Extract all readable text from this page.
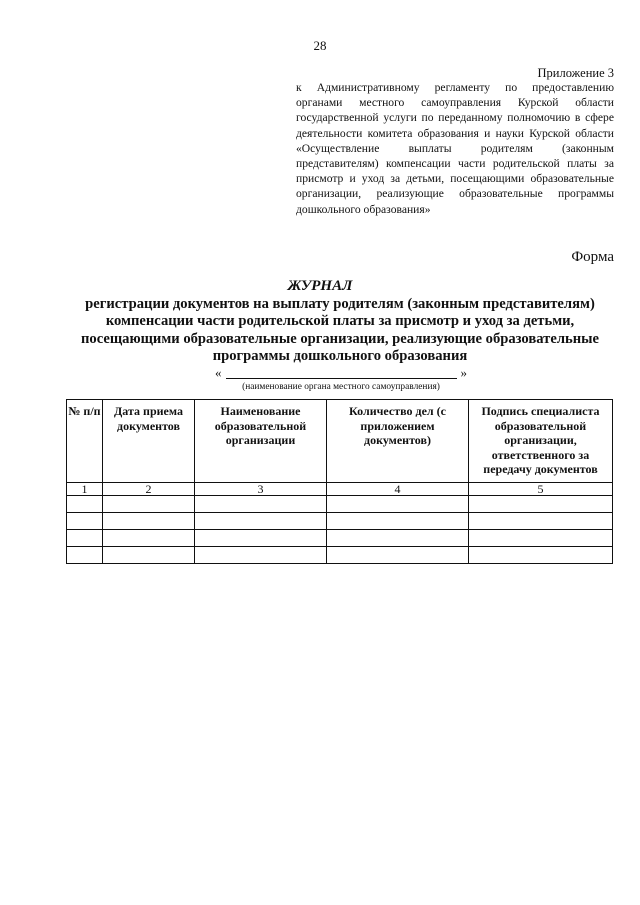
28
Приложение 3
к Административному регламенту по предоставлению органами местного самоуправления Курской области государственной услуги по переданному полномочию в сфере деятельности комитета образования и науки Курской области «Осуществление выплаты родителям (законным представителям) компенсации части родительской платы за присмотр и уход за детьми, посещающими образовательные организации, реализующие образовательные программы дошкольного образования»
Форма
ЖУРНАЛ
регистрации документов на выплату родителям (законным представителям) компенсации части родительской платы за присмотр и уход за детьми, посещающими образовательные организации, реализующие образовательные программы дошкольного образования
«	»
(наименование органа местного самоуправления)
№ п/п	Дата приема документов	Наименование образовательной организации	Количество дел (с приложением документов)	Подпись специалиста образовательной организации, ответственного за передачу документов
1	2	3	4	5
